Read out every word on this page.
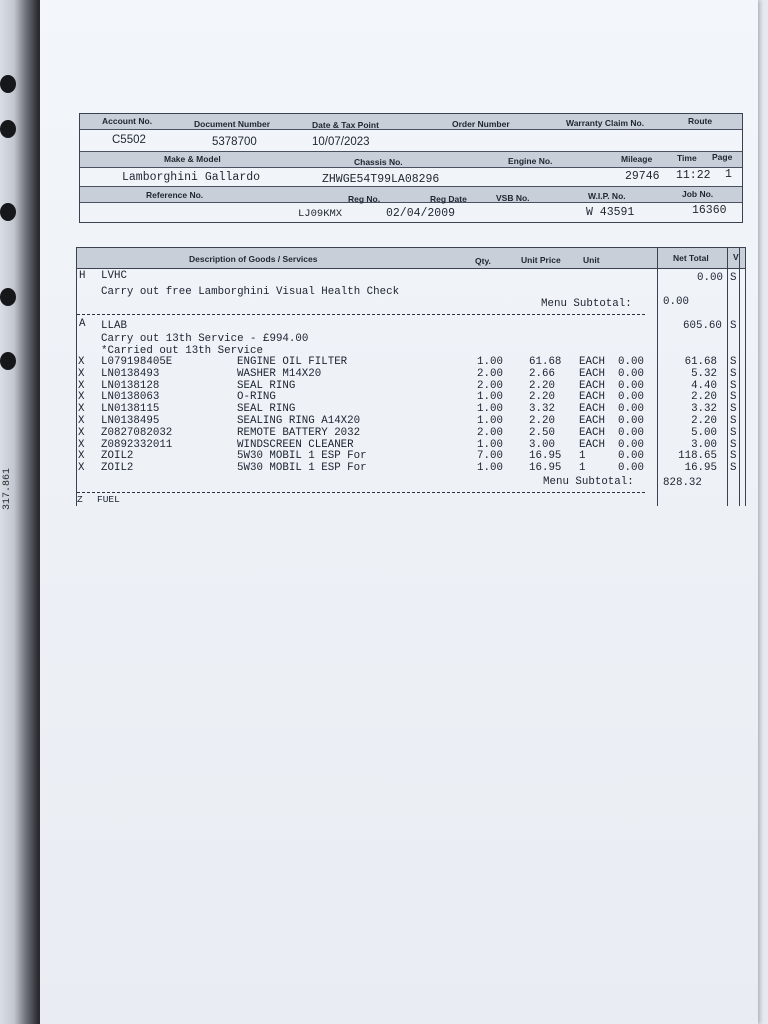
317.861
Account No.	Document Number	Date & Tax Point	Order Number	Warranty Claim No.	Route
C5502	5378700	10/07/2023
Make & Model	Chassis No.	Engine No.	Mileage	Time Page
Lamborghini Gallardo	ZHWGE54T99LA08296	29746 11:22 1
Reference No.	Reg No.	Reg Date	VSB No.	W.I.P. No.	Job No.
LJ09KMX	02/04/2009	W 43591	16360
Description of Goods / Services	Qty.	Unit Price	Unit	Net Total	V
H LVHC	0.00 S
Carry out free Lamborghini Visual Health Check
Menu Subtotal:	0.00
A LLAB	605.60 S
Carry out 13th Service - £994.00
*Carried out 13th Service
X L079198405E	ENGINE OIL FILTER	1.00 61.68 EACH 0.00	61.68 S
X LN0138493	WASHER M14X20	2.00 2.66 EACH 0.00	5.32 S
X LN0138128	SEAL RING	2.00 2.20 EACH 0.00	4.40 S
X LN0138063	O-RING	1.00 2.20 EACH 0.00	2.20 S
X LN0138115	SEAL RING	1.00 3.32 EACH 0.00	3.32 S
X LN0138495	SEALING RING A14X20	1.00 2.20 EACH 0.00	2.20 S
X Z0827082032	REMOTE BATTERY 2032	2.00 2.50 EACH 0.00	5.00 S
X Z0892332011	WINDSCREEN CLEANER	1.00 3.00 EACH 0.00	3.00 S
X ZOIL2	5W30 MOBIL 1 ESP For	7.00 16.95 1	0.00	118.65 S
X ZOIL2	5W30 MOBIL 1 ESP For	1.00 16.95 1	0.00	16.95 S
Menu Subtotal:	828.32
Z FUEL
